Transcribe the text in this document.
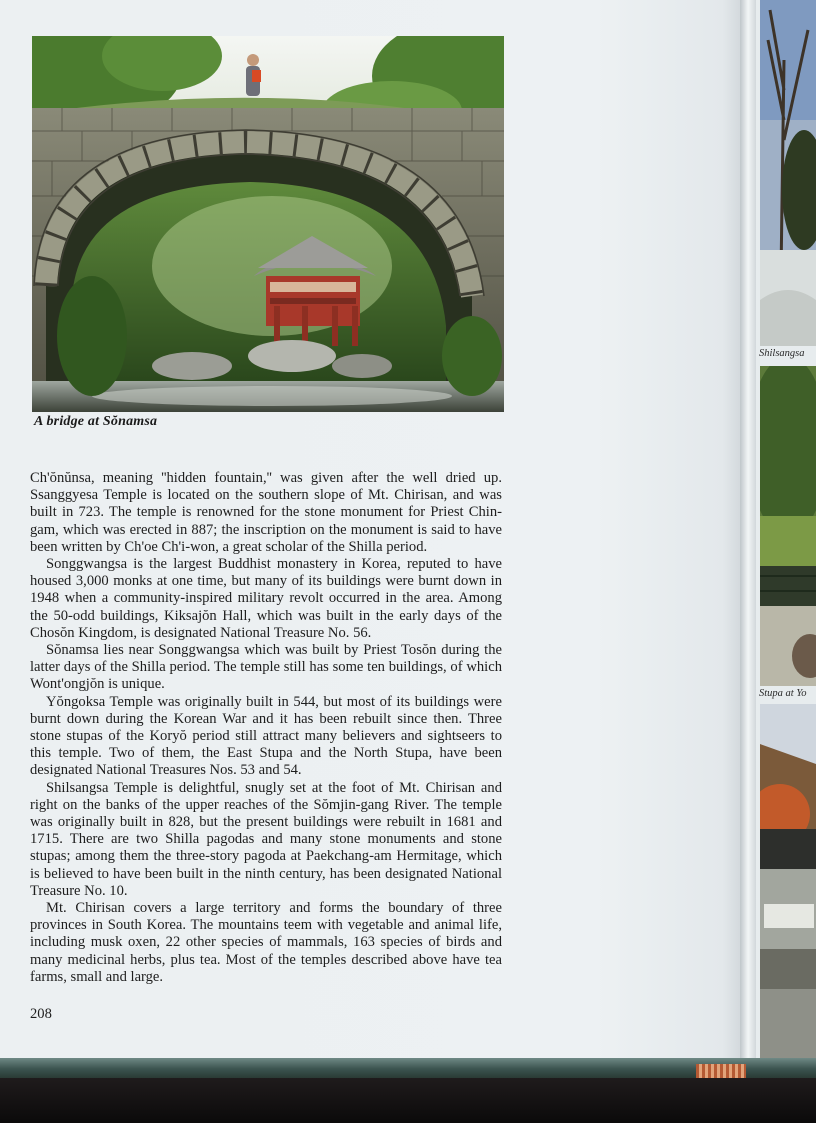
A bridge at Sŏnamsa

Ch'ŏnŭnsa, meaning ''hidden fountain,'' was given after the well dried up. Ssanggyesa Temple is located on the southern slope of Mt. Chirisan, and was built in 723. The temple is renowned for the stone monument for Priest Chin-gam, which was erected in 887; the inscription on the monument is said to have been written by Ch'oe Ch'i-won, a great scholar of the Shilla period.

Songgwangsa is the largest Buddhist monastery in Korea, reputed to have housed 3,000 monks at one time, but many of its buildings were burnt down in 1948 when a community-inspired military revolt occurred in the area. Among the 50-odd buildings, Kiksajŏn Hall, which was built in the early days of the Chosŏn Kingdom, is designated National Treasure No. 56.

Sŏnamsa lies near Songgwangsa which was built by Priest Tosŏn during the latter days of the Shilla period. The temple still has some ten buildings, of which Wont'ongjŏn is unique.

Yŏngoksa Temple was originally built in 544, but most of its buildings were burnt down during the Korean War and it has been rebuilt since then. Three stone stupas of the Koryŏ period still attract many believers and sightseers to this temple. Two of them, the East Stupa and the North Stupa, have been designated National Treasures Nos. 53 and 54.

Shilsangsa Temple is delightful, snugly set at the foot of Mt. Chirisan and right on the banks of the upper reaches of the Sŏmjin-gang River. The temple was originally built in 828, but the present buildings were rebuilt in 1681 and 1715. There are two Shilla pagodas and many stone monuments and stone stupas; among them the three-story pagoda at Paekchang-am Hermitage, which is believed to have been built in the ninth century, has been designated National Treasure No. 10.

Mt. Chirisan covers a large territory and forms the boundary of three provinces in South Korea. The mountains teem with vegetable and animal life, including musk oxen, 22 other species of mammals, 163 species of birds and many medicinal herbs, plus tea. Most of the temples described above have tea farms, small and large.

208
Shilsangsa
Stupa at Yo
